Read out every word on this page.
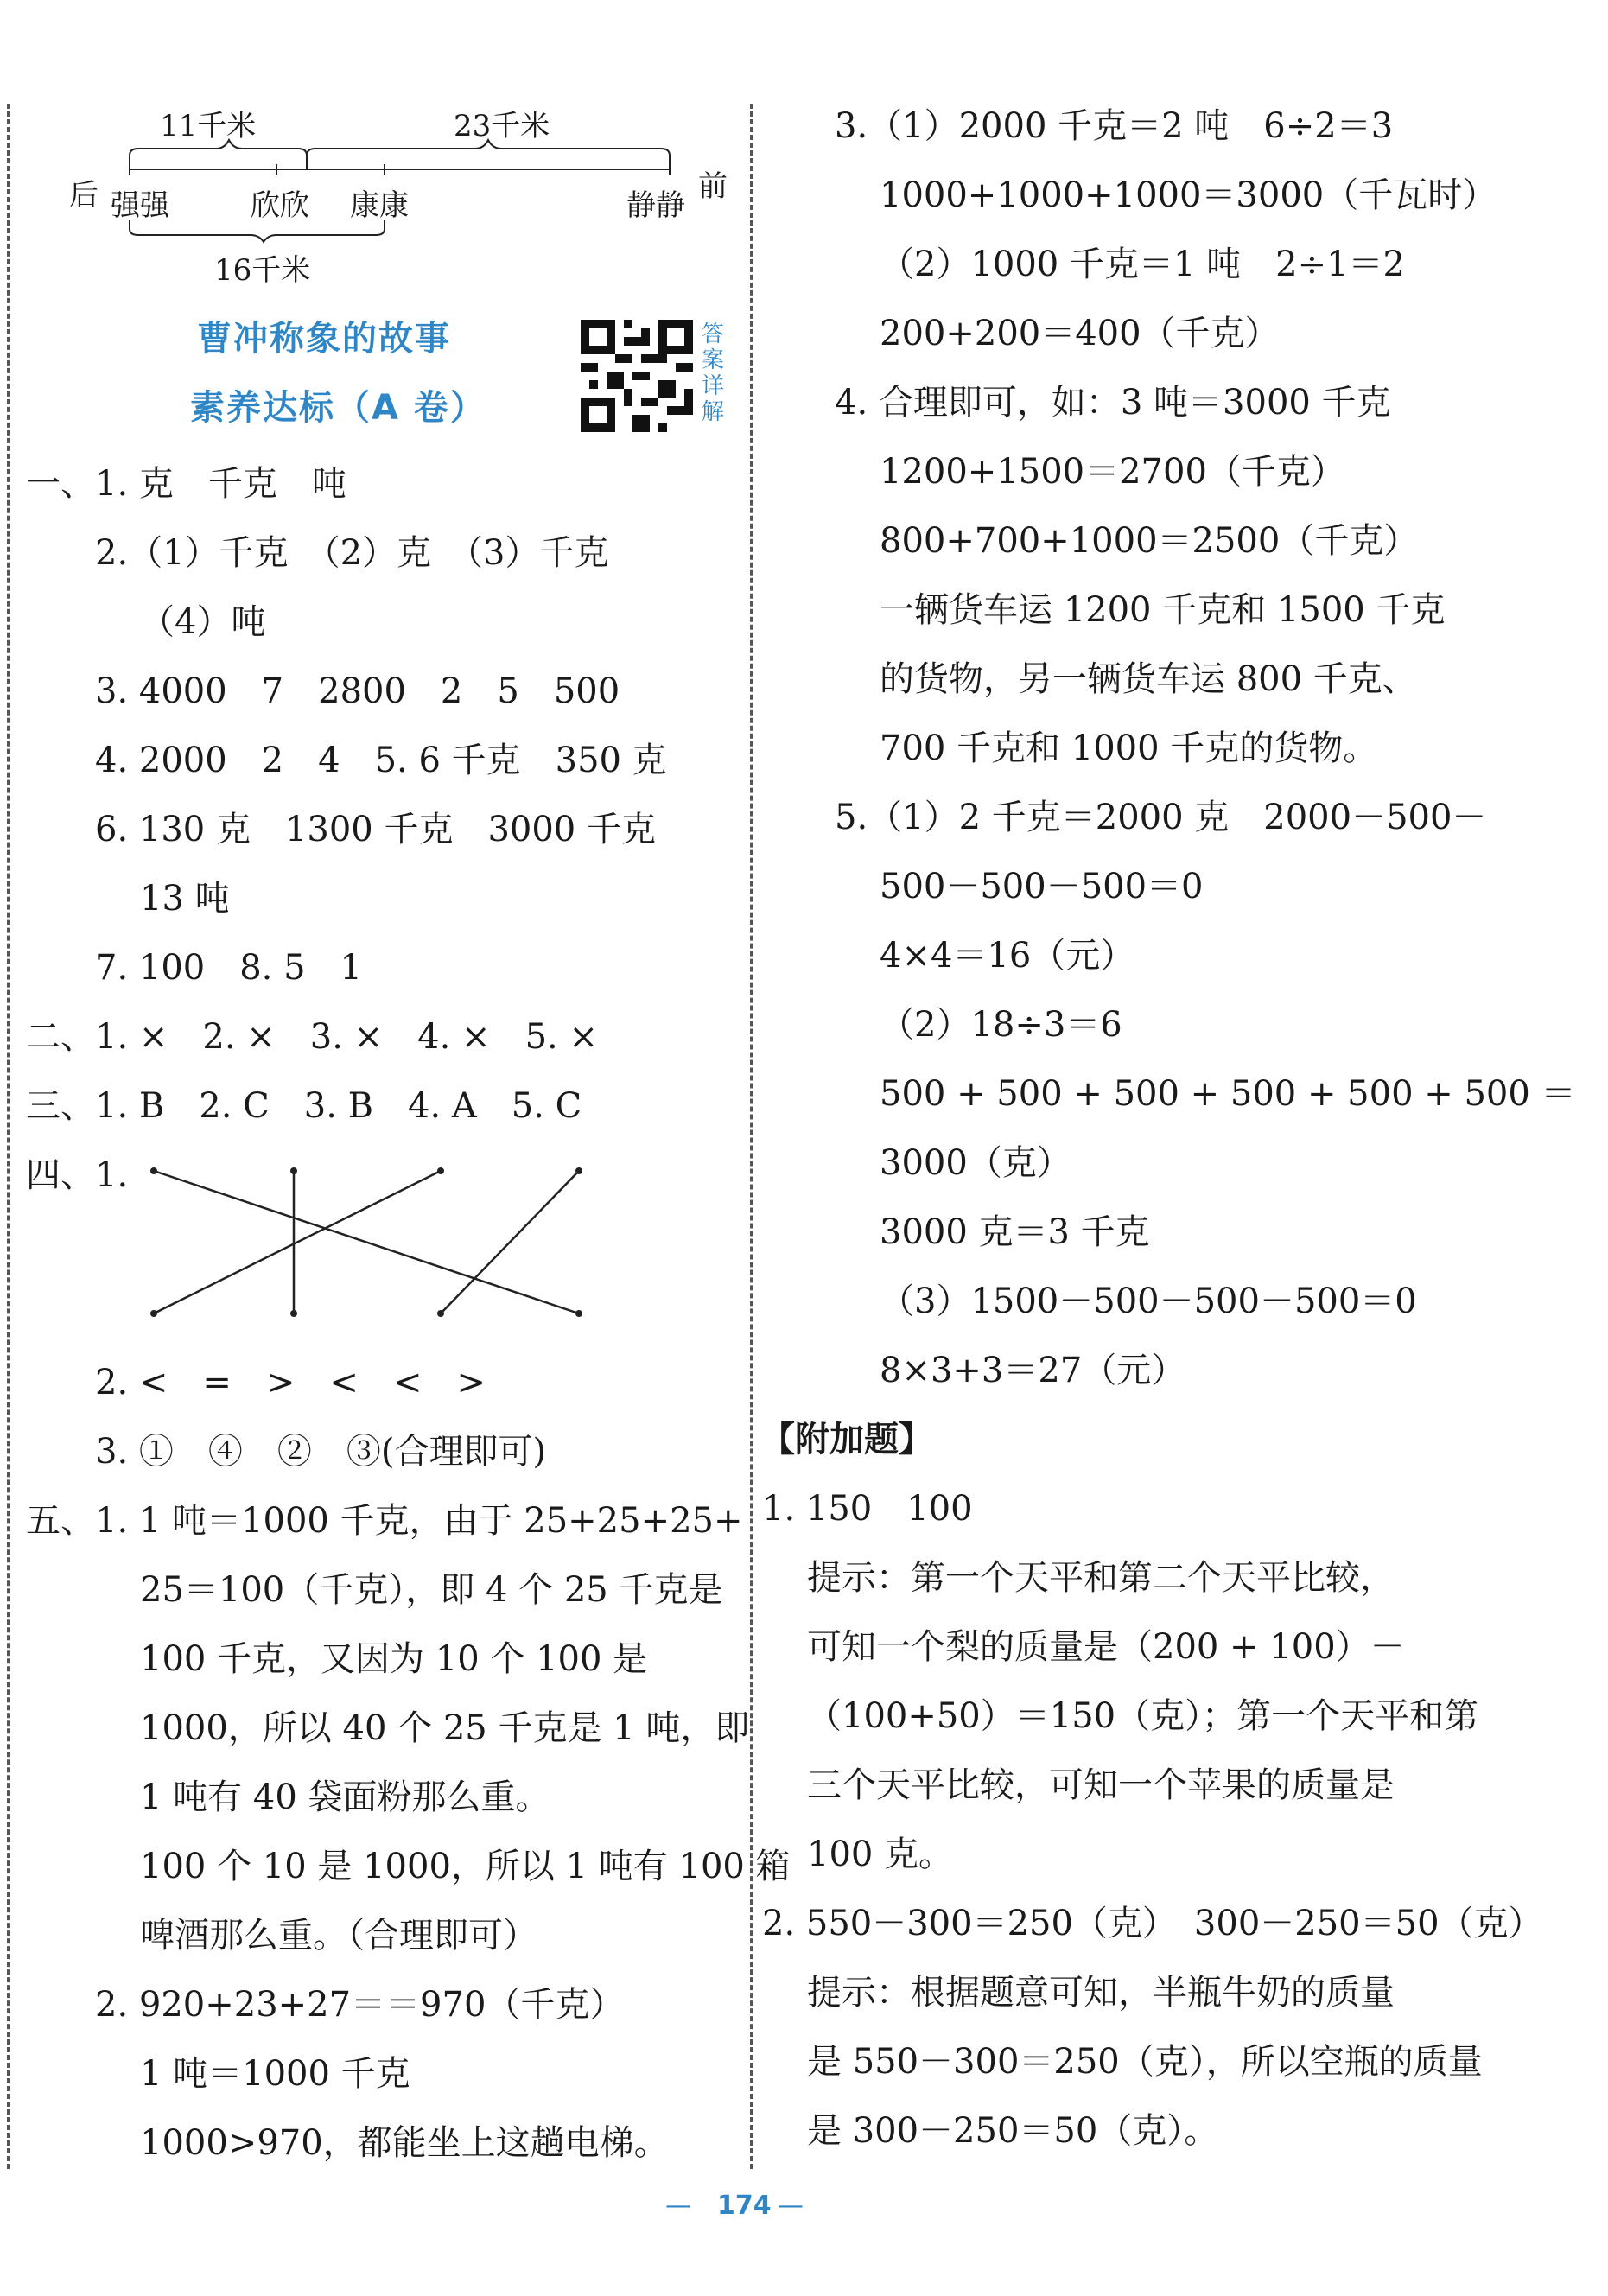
11千米	23千米
后	前
强强	欣欣 康康	静静
16千米
曹冲称象的故事
素养达标（A 卷）
答
案
详
解
一、1. 克　千克　吨
2.（1）千克　（2）克　（3）千克
（4）吨
3. 4000　7　2800　2　5　500
4. 2000　2　4　5. 6 千克　350 克
6. 130 克　1300 千克　3000 千克
13 吨
7. 100　8. 5　1
二、1. ×　2. ×　3. ×　4. ×　5. ×
三、1. B　2. C　3. B　4. A　5. C
四、1.
2. <　=　>　<　<　>
3. ①　④　②　③(合理即可)
五、1. 1 吨＝1000 千克，由于 25+25+25+
25＝100（千克），即 4 个 25 千克是
100 千克，又因为 10 个 100 是
1000，所以 40 个 25 千克是 1 吨，即
1 吨有 40 袋面粉那么重。
100 个 10 是 1000，所以 1 吨有 100 箱
啤酒那么重。（合理即可）
2. 920+23+27＝＝970（千克）
1 吨＝1000 千克
1000>970，都能坐上这趟电梯。
3.（1）2000 千克＝2 吨　6÷2＝3
1000+1000+1000＝3000（千瓦时）
（2）1000 千克＝1 吨　2÷1＝2
200+200＝400（千克）
4. 合理即可，如：3 吨＝3000 千克
1200+1500＝2700（千克）
800+700+1000＝2500（千克）
一辆货车运 1200 千克和 1500 千克
的货物，另一辆货车运 800 千克、
700 千克和 1000 千克的货物。
5.（1）2 千克＝2000 克　2000－500－
500－500－500＝0
4×4＝16（元）
（2）18÷3＝6
500 + 500 + 500 + 500 + 500 + 500 ＝
3000（克）
3000 克＝3 千克
（3）1500－500－500－500＝0
8×3+3＝27（元）
【附加题】
1. 150　100
提示：第一个天平和第二个天平比较，
可知一个梨的质量是（200 + 100）－
（100+50）＝150（克）；第一个天平和第
三个天平比较，可知一个苹果的质量是
100 克。
2. 550－300＝250（克）　300－250＝50（克）
提示：根据题意可知，半瓶牛奶的质量
是 550－300＝250（克），所以空瓶的质量
是 300－250＝50（克）。
— 174 —
